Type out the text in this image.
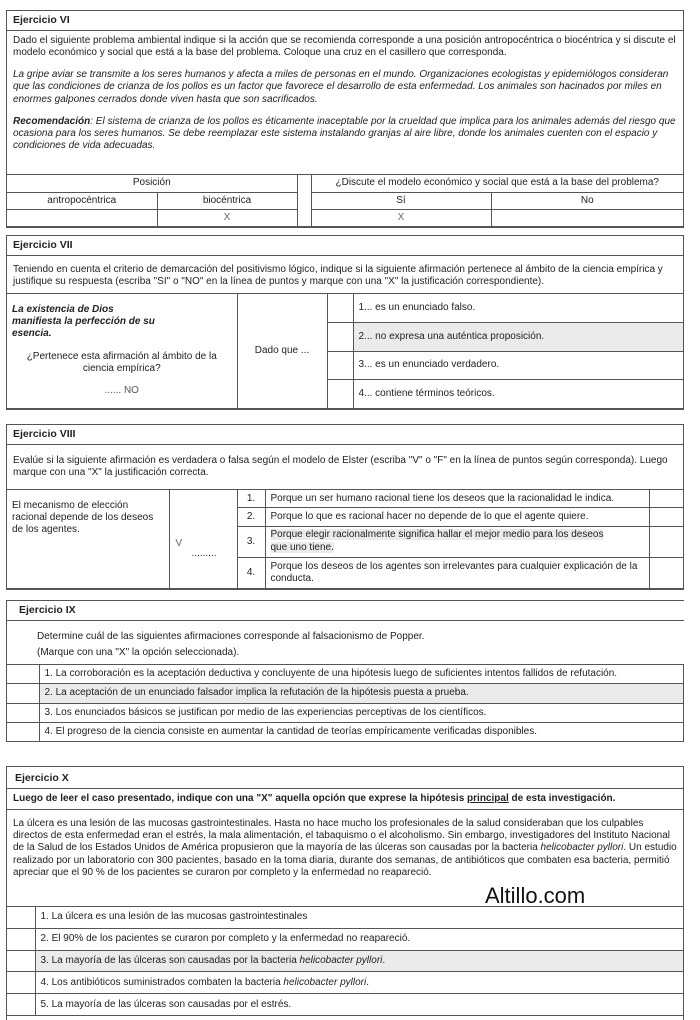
Ejercicio VI

Dado el siguiente problema ambiental indique si la acción que se recomienda corresponde a una posición antropocéntrica o biocéntrica y si discute el modelo económico y social que está a la base del problema. Coloque una cruz en el casillero que corresponda.

La gripe aviar se transmite a los seres humanos y afecta a miles de personas en el mundo. Organizaciones ecologistas y epidemiólogos consideran que las condiciones de crianza de los pollos es un factor que favorece el desarrollo de esta enfermedad. Los animales son hacinados por miles en enormes galpones cerrados donde viven hasta que son sacrificados.

Recomendación: El sistema de crianza de los pollos es éticamente inaceptable por la crueldad que implica para los animales además del riesgo que ocasiona para los seres humanos. Se debe reemplazar este sistema instalando granjas al aire libre, donde los animales cuenten con el espacio y condiciones de vida adecuadas.

Posición			¿Discute el modelo económico y social que está a la base del problema?	
antropocéntrica	biocéntrica		Sí	No
	X		X	
Ejercicio VII

Teniendo en cuenta el criterio de demarcación del positivismo lógico, indique si la siguiente afirmación pertenece al ámbito de la ciencia empírica y justifique su respuesta (escriba "SI" o "NO" en la línea de puntos y marque con una "X" la justificación correspondiente).

La existencia de Dios manifiesta la perfección de su esencia.
¿Pertenece esta afirmación al ámbito de la ciencia empírica?
...... NO	Dado que ...		1... es un enunciado falso.
			2... no expresa una auténtica proposición.
			3... es un enunciado verdadero.
			4... contiene términos teóricos.
Ejercicio VIII

Evalúe si la siguiente afirmación es verdadera o falsa según el modelo de Elster (escriba "V" o "F" en la línea de puntos según corresponda). Luego marque con una "X" la justificación correcta.

El mecanismo de elección racional depende de los deseos de los agentes.	V
.........	1.	Porque un ser humano racional tiene los deseos que la racionalidad le indica.	
		2.	Porque lo que es racional hacer no depende de lo que el agente quiere.	
		3.	Porque elegir racionalmente significa hallar el mejor medio para los deseos que uno tiene.	
		4.	Porque los deseos de los agentes son irrelevantes para cualquier explicación de la conducta.	
Ejercicio IX

Determine cuál de las siguientes afirmaciones corresponde al falsacionismo de Popper.

(Marque con una "X" la opción seleccionada).

	1. La corroboración es la aceptación deductiva y concluyente de una hipótesis luego de suficientes intentos fallidos de refutación.
	2. La aceptación de un enunciado falsador implica la refutación de la hipótesis puesta a prueba.
	3. Los enunciados básicos se justifican por medio de las experiencias perceptivas de los científicos.
	4. El progreso de la ciencia consiste en aumentar la cantidad de teorías empíricamente verificadas disponibles.
Ejercicio X
Luego de leer el caso presentado, indique con una "X" aquella opción que exprese la hipótesis principal de esta investigación.

La úlcera es una lesión de las mucosas gastrointestinales. Hasta no hace mucho los profesionales de la salud consideraban que los culpables directos de esta enfermedad eran el estrés, la mala alimentación, el tabaquismo o el alcoholismo. Sin embargo, investigadores del Instituto Nacional de la Salud de los Estados Unidos de América propusieron que la mayoría de las úlceras son causadas por la bacteria helicobacter pyllori. Un estudio realizado por un laboratorio con 300 pacientes, basado en la toma diaria, durante dos semanas, de antibióticos que combaten esa bacteria, permitió apreciar que el 90 % de los pacientes se curaron por completo y la enfermedad no reapareció.

Altillo.com
	1. La úlcera es una lesión de las mucosas gastrointestinales
	2. El 90% de los pacientes se curaron por completo y la enfermedad no reapareció.
	3. La mayoría de las úlceras son causadas por la bacteria helicobacter pyllori.
	4. Los antibióticos suministrados combaten la bacteria helicobacter pyllori.
	5. La mayoría de las úlceras son causadas por el estrés.
